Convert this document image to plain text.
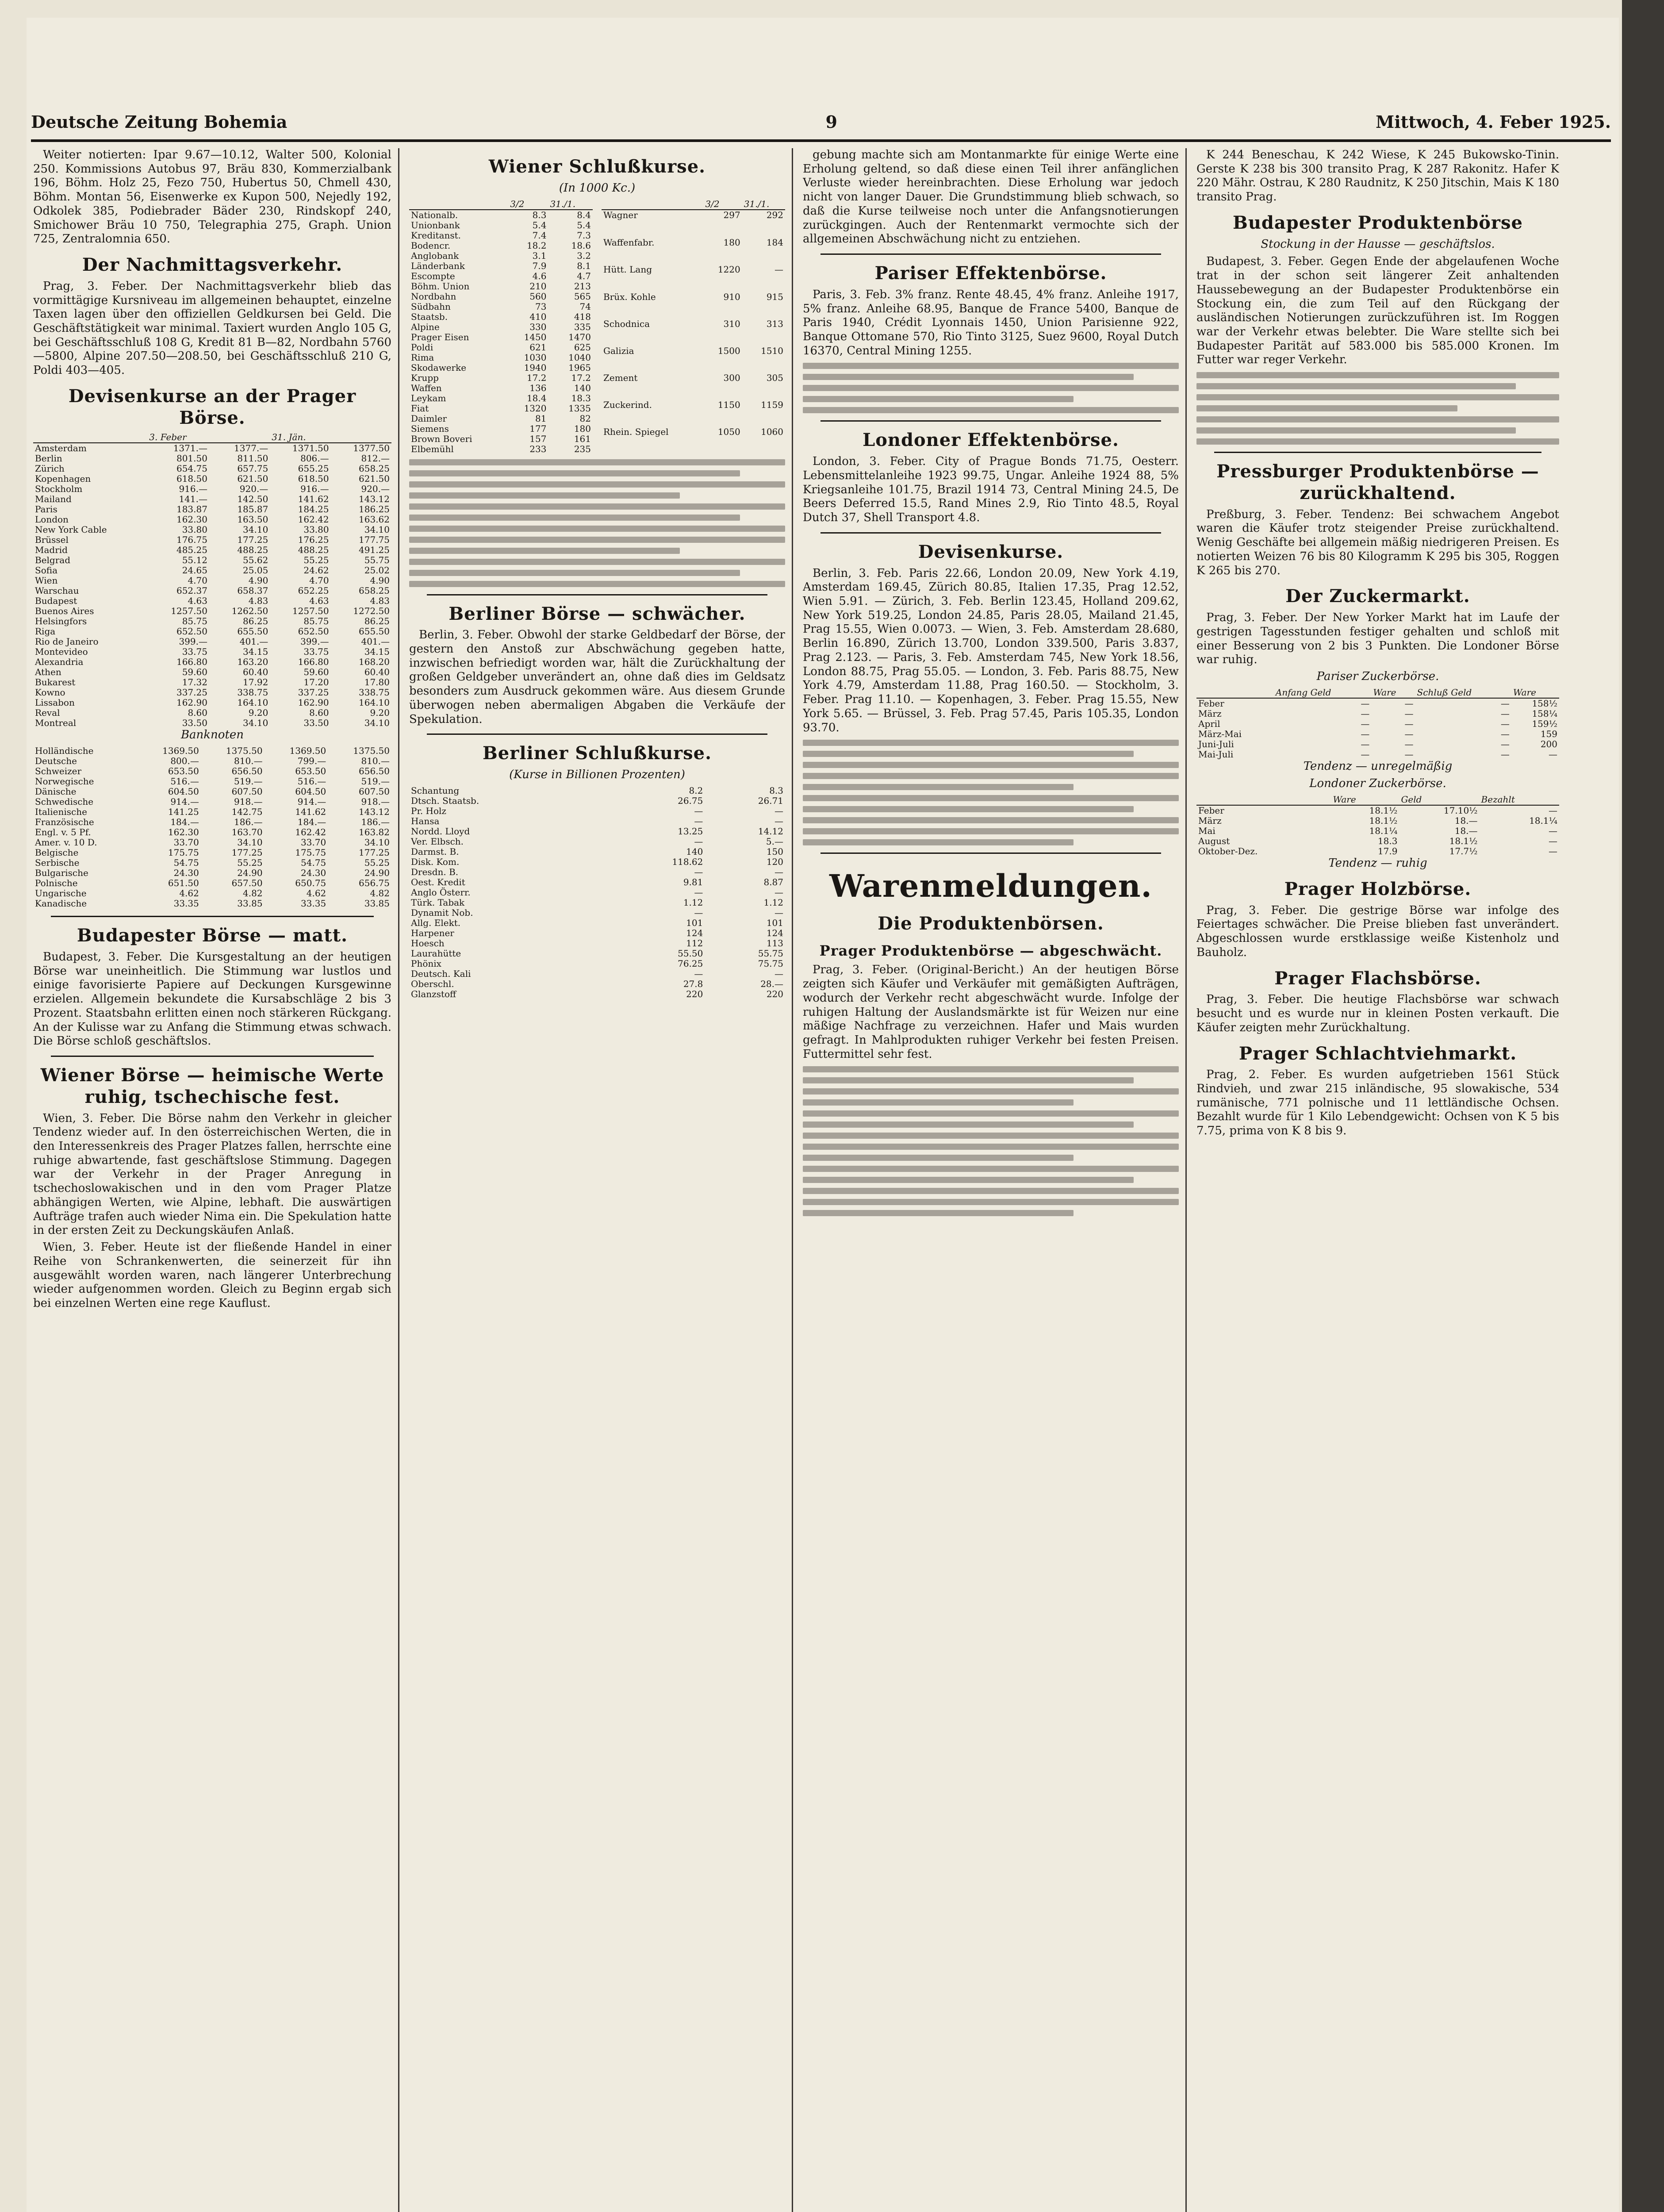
Deutsche Zeitung Bohemia	9	Mittwoch, 4. Feber 1925.

Weiter notierten: Ipar 9.67—10.12, Walter 500, Kolonial 250. Kommissions Autobus 97, Bräu 830, Kommerzialbank 196, Böhm. Holz 25, Fezo 750, Hubertus 50, Chmell 430, Böhm. Montan 56, Eisenwerke ex Kupon 500, Nejedly 192, Odkolek 385, Podiebrader Bäder 230, Rindskopf 240, Smichower Bräu 10 750, Telegraphia 275, Graph. Union 725, Zentralomnia 650.

Der Nachmittagsverkehr.

Prag, 3. Feber. Der Nachmittagsverkehr blieb das vormittägige Kursniveau im allgemeinen behauptet, einzelne Taxen lagen über den offiziellen Geldkursen bei Geld. Die Geschäftstätigkeit war minimal. Taxiert wurden Anglo 105 G, bei Geschäftsschluß 108 G, Kredit 81 B—82, Nordbahn 5760—5800, Alpine 207.50—208.50, bei Geschäftsschluß 210 G, Poldi 403—405.

Devisenkurse an der Prager Börse.
	3. Feber		31. Jän.	
Amsterdam	1371.—	1377.—	1371.50	1377.50
Berlin	801.50	811.50	806.—	812.—
Zürich	654.75	657.75	655.25	658.25
Kopenhagen	618.50	621.50	618.50	621.50
Stockholm	916.—	920.—	916.—	920.—
Mailand	141.—	142.50	141.62	143.12
Paris	183.87	185.87	184.25	186.25
London	162.30	163.50	162.42	163.62
New York Cable	33.80	34.10	33.80	34.10
Brüssel	176.75	177.25	176.25	177.75
Madrid	485.25	488.25	488.25	491.25
Belgrad	55.12	55.62	55.25	55.75
Sofia	24.65	25.05	24.62	25.02
Wien	4.70	4.90	4.70	4.90
Warschau	652.37	658.37	652.25	658.25
Budapest	4.63	4.83	4.63	4.83
Buenos Aires	1257.50	1262.50	1257.50	1272.50
Helsingfors	85.75	86.25	85.75	86.25
Riga	652.50	655.50	652.50	655.50
Rio de Janeiro	399.—	401.—	399.—	401.—
Montevideo	33.75	34.15	33.75	34.15
Alexandria	166.80	163.20	166.80	168.20
Athen	59.60	60.40	59.60	60.40
Bukarest	17.32	17.92	17.20	17.80
Kowno	337.25	338.75	337.25	338.75
Lissabon	162.90	164.10	162.90	164.10
Reval	8.60	9.20	8.60	9.20
Montreal	33.50	34.10	33.50	34.10
Banknoten
Holländische	1369.50	1375.50	1369.50	1375.50
Deutsche	800.—	810.—	799.—	810.—
Schweizer	653.50	656.50	653.50	656.50
Norwegische	516.—	519.—	516.—	519.—
Dänische	604.50	607.50	604.50	607.50
Schwedische	914.—	918.—	914.—	918.—
Italienische	141.25	142.75	141.62	143.12
Französische	184.—	186.—	184.—	186.—
Engl. v. 5 Pf.	162.30	163.70	162.42	163.82
Amer. v. 10 D.	33.70	34.10	33.70	34.10
Belgische	175.75	177.25	175.75	177.25
Serbische	54.75	55.25	54.75	55.25
Bulgarische	24.30	24.90	24.30	24.90
Polnische	651.50	657.50	650.75	656.75
Ungarische	4.62	4.82	4.62	4.82
Kanadische	33.35	33.85	33.35	33.85
Budapester Börse — matt.

Budapest, 3. Feber. Die Kursgestaltung an der heutigen Börse war uneinheitlich. Die Stimmung war lustlos und einige favorisierte Papiere auf Deckungen Kursgewinne erzielen. Allgemein bekundete die Kursabschläge 2 bis 3 Prozent. Staatsbahn erlitten einen noch stärkeren Rückgang. An der Kulisse war zu Anfang die Stimmung etwas schwach. Die Börse schloß geschäftslos.

Wiener Börse — heimische Werte ruhig, tschechische fest.

Wien, 3. Feber. Die Börse nahm den Verkehr in gleicher Tendenz wieder auf. In den österreichischen Werten, die in den Interessenkreis des Prager Platzes fallen, herrschte eine ruhige abwartende, fast geschäftslose Stimmung. Dagegen war der Verkehr in der Prager Anregung in tschechoslowakischen und in den vom Prager Platze abhängigen Werten, wie Alpine, lebhaft. Die auswärtigen Aufträge trafen auch wieder Nima ein. Die Spekulation hatte in der ersten Zeit zu Deckungskäufen Anlaß.

Wien, 3. Feber. Heute ist der fließende Handel in einer Reihe von Schrankenwerten, die seinerzeit für ihn ausgewählt worden waren, nach längerer Unterbrechung wieder aufgenommen worden. Gleich zu Beginn ergab sich bei einzelnen Werten eine rege Kauflust.

Wiener Schlußkurse.
(In 1000 Kc.)
	3/2	31./1.
Nationalb.	8.3	8.4
Unionbank	5.4	5.4
Kreditanst.	7.4	7.3
Bodencr.	18.2	18.6
Anglobank	3.1	3.2
Länderbank	7.9	8.1
Escompte	4.6	4.7
Böhm. Union	210	213
Nordbahn	560	565
Südbahn	73	74
Staatsb.	410	418
Alpine	330	335
Prager Eisen	1450	1470
Poldi	621	625
Rima	1030	1040
Skodawerke	1940	1965
Krupp	17.2	17.2
Waffen	136	140
Leykam	18.4	18.3
Fiat	1320	1335
Daimler	81	82
Siemens	177	180
Brown Boveri	157	161
Elbemühl	233	235
	3/2	31./1.
Wagner	297	292
Waffenfabr.	180	184
Hütt. Lang	1220	—
Brüx. Kohle	910	915
Schodnica	310	313
Galizia	1500	1510
Zement	300	305
Zuckerind.	1150	1159
Rhein. Spiegel	1050	1060
Berliner Börse — schwächer.

Berlin, 3. Feber. Obwohl der starke Geldbedarf der Börse, der gestern den Anstoß zur Abschwächung gegeben hatte, inzwischen befriedigt worden war, hält die Zurückhaltung der großen Geldgeber unverändert an, ohne daß dies im Geldsatz besonders zum Ausdruck gekommen wäre. Aus diesem Grunde überwogen neben abermaligen Abgaben die Verkäufe der Spekulation.

Berliner Schlußkurse.
(Kurse in Billionen Prozenten)
Schantung	8.2	8.3
Dtsch. Staatsb.	26.75	26.71
Pr. Holz	—	—
Hansa	—	—
Nordd. Lloyd	13.25	14.12
Ver. Elbsch.	—	5.—
Darmst. B.	140	150
Disk. Kom.	118.62	120
Dresdn. B.	—	—
Oest. Kredit	9.81	8.87
Anglo Österr.	—	—
Türk. Tabak	1.12	1.12
Dynamit Nob.	—	—
Allg. Elekt.	101	101
Harpener	124	124
Hoesch	112	113
Laurahütte	55.50	55.75
Phönix	76.25	75.75
Deutsch. Kali	—	—
Oberschl.	27.8	28.—
Glanzstoff	220	220

gebung machte sich am Montanmarkte für einige Werte eine Erholung geltend, so daß diese einen Teil ihrer anfänglichen Verluste wieder hereinbrachten. Diese Erholung war jedoch nicht von langer Dauer. Die Grundstimmung blieb schwach, so daß die Kurse teilweise noch unter die Anfangsnotierungen zurückgingen. Auch der Rentenmarkt vermochte sich der allgemeinen Abschwächung nicht zu entziehen.

Pariser Effektenbörse.

Paris, 3. Feb. 3% franz. Rente 48.45, 4% franz. Anleihe 1917, 5% franz. Anleihe 68.95, Banque de France 5400, Banque de Paris 1940, Crédit Lyonnais 1450, Union Parisienne 922, Banque Ottomane 570, Rio Tinto 3125, Suez 9600, Royal Dutch 16370, Central Mining 1255.

Londoner Effektenbörse.

London, 3. Feber. City of Prague Bonds 71.75, Oesterr. Lebensmittelanleihe 1923 99.75, Ungar. Anleihe 1924 88, 5% Kriegsanleihe 101.75, Brazil 1914 73, Central Mining 24.5, De Beers Deferred 15.5, Rand Mines 2.9, Rio Tinto 48.5, Royal Dutch 37, Shell Transport 4.8.

Devisenkurse.

Berlin, 3. Feb. Paris 22.66, London 20.09, New York 4.19, Amsterdam 169.45, Zürich 80.85, Italien 17.35, Prag 12.52, Wien 5.91. — Zürich, 3. Feb. Berlin 123.45, Holland 209.62, New York 519.25, London 24.85, Paris 28.05, Mailand 21.45, Prag 15.55, Wien 0.0073. — Wien, 3. Feb. Amsterdam 28.680, Berlin 16.890, Zürich 13.700, London 339.500, Paris 3.837, Prag 2.123. — Paris, 3. Feb. Amsterdam 745, New York 18.56, London 88.75, Prag 55.05. — London, 3. Feb. Paris 88.75, New York 4.79, Amsterdam 11.88, Prag 160.50. — Stockholm, 3. Feber. Prag 11.10. — Kopenhagen, 3. Feber. Prag 15.55, New York 5.65. — Brüssel, 3. Feb. Prag 57.45, Paris 105.35, London 93.70.

Warenmeldungen.
Die Produktenbörsen.
Prager Produktenbörse — abgeschwächt.

Prag, 3. Feber. (Original-Bericht.) An der heutigen Börse zeigten sich Käufer und Verkäufer mit gemäßigten Aufträgen, wodurch der Verkehr recht abgeschwächt wurde. Infolge der ruhigen Haltung der Auslandsmärkte ist für Weizen nur eine mäßige Nachfrage zu verzeichnen. Hafer und Mais wurden gefragt. In Mahlprodukten ruhiger Verkehr bei festen Preisen. Futtermittel sehr fest.

K 244 Beneschau, K 242 Wiese, K 245 Bukowsko-Tinin. Gerste K 238 bis 300 transito Prag, K 287 Rakonitz. Hafer K 220 Mähr. Ostrau, K 280 Raudnitz, K 250 Jitschin, Mais K 180 transito Prag.

Budapester Produktenbörse
Stockung in der Hausse — geschäftslos.

Budapest, 3. Feber. Gegen Ende der abgelaufenen Woche trat in der schon seit längerer Zeit anhaltenden Haussebewegung an der Budapester Produktenbörse ein Stockung ein, die zum Teil auf den Rückgang der ausländischen Notierungen zurückzuführen ist. Im Roggen war der Verkehr etwas belebter. Die Ware stellte sich bei Budapester Parität auf 583.000 bis 585.000 Kronen. Im Futter war reger Verkehr.

Pressburger Produktenbörse — zurückhaltend.

Preßburg, 3. Feber. Tendenz: Bei schwachem Angebot waren die Käufer trotz steigender Preise zurückhaltend. Wenig Geschäfte bei allgemein mäßig niedrigeren Preisen. Es notierten Weizen 76 bis 80 Kilogramm K 295 bis 305, Roggen K 265 bis 270.

Der Zuckermarkt.

Prag, 3. Feber. Der New Yorker Markt hat im Laufe der gestrigen Tagesstunden festiger gehalten und schloß mit einer Besserung von 2 bis 3 Punkten. Die Londoner Börse war ruhig.

Pariser Zuckerbörse.
	Anfang Geld	Ware	Schluß Geld	Ware
Feber	—	—	—	158½
März	—	—	—	158¼
April	—	—	—	159½
März-Mai	—	—	—	159
Juni-Juli	—	—	—	200
Mai-Juli	—	—	—	—
Tendenz — unregelmäßig
Londoner Zuckerbörse.
	Ware	Geld	Bezahlt
Feber	18.1½	17.10½	—
März	18.1½	18.—	18.1¼
Mai	18.1¼	18.—	—
August	18.3	18.1½	—
Oktober-Dez.	17.9	17.7½	—
Tendenz — ruhig
Prager Holzbörse.

Prag, 3. Feber. Die gestrige Börse war infolge des Feiertages schwächer. Die Preise blieben fast unverändert. Abgeschlossen wurde erstklassige weiße Kistenholz und Bauholz.

Prager Flachsbörse.

Prag, 3. Feber. Die heutige Flachsbörse war schwach besucht und es wurde nur in kleinen Posten verkauft. Die Käufer zeigten mehr Zurückhaltung.

Prager Schlachtviehmarkt.

Prag, 2. Feber. Es wurden aufgetrieben 1561 Stück Rindvieh, und zwar 215 inländische, 95 slowakische, 534 rumänische, 771 polnische und 11 lettländische Ochsen. Bezahlt wurde für 1 Kilo Lebendgewicht: Ochsen von K 5 bis 7.75, prima von K 8 bis 9.
